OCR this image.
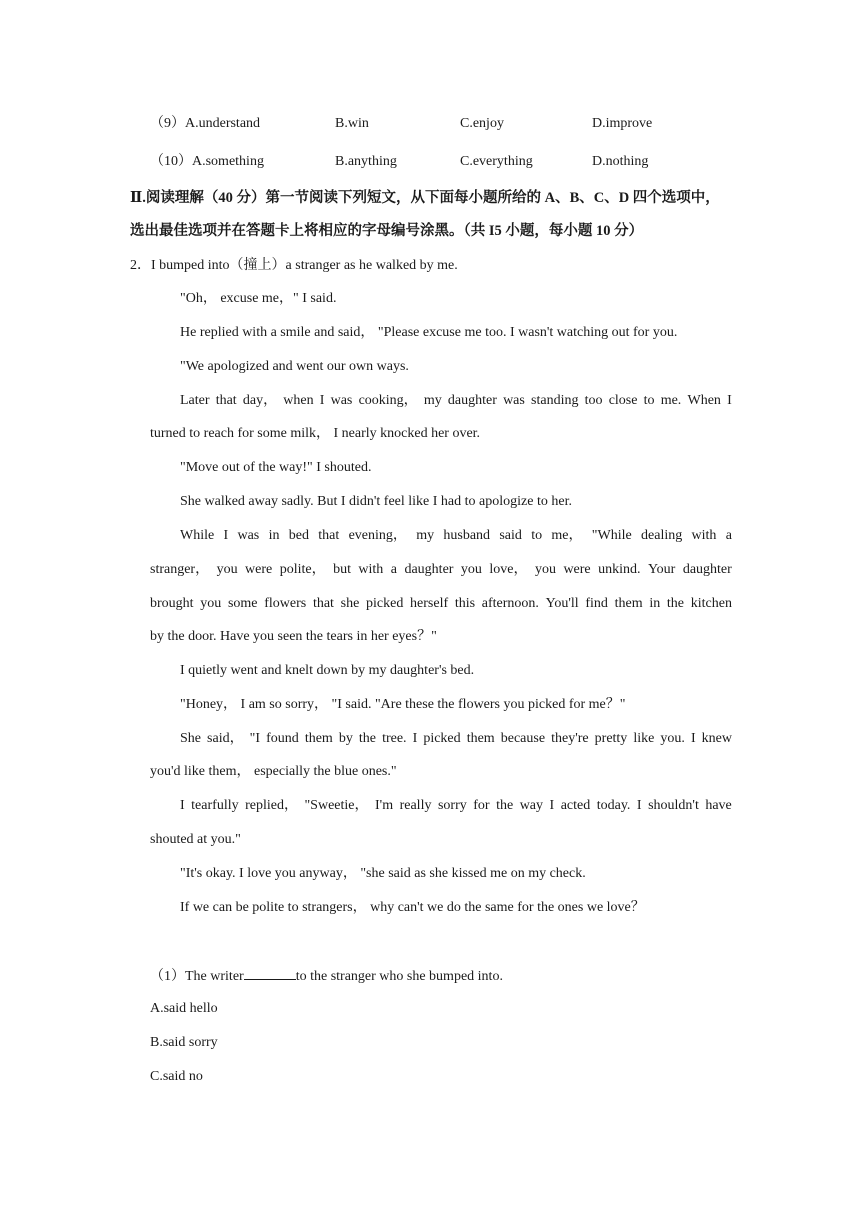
（9）A.understand	B.win	C.enjoy	D.improve
（10）A.something	B.anything	C.everything	D.nothing
Ⅱ.阅读理解（40 分）第一节阅读下列短文，从下面每小题所给的 A、B、C、D 四个选项中，
选出最佳选项并在答题卡上将相应的字母编号涂黑。（共 I5 小题，每小题 10 分）
2．I bumped into（撞上）a stranger as he walked by me.
"Oh， excuse me，" I said.
He replied with a smile and said， "Please excuse me too. I wasn't watching out for you.
"We apologized and went our own ways.
Later that day， when I was cooking， my daughter was standing too close to me. When I
turned to reach for some milk， I nearly knocked her over.
"Move out of the way!" I shouted.
She walked away sadly. But I didn't feel like I had to apologize to her.
While I was in bed that evening， my husband said to me， "While dealing with a
stranger， you were polite， but with a daughter you love， you were unkind. Your daughter
brought you some flowers that she picked herself this afternoon. You'll find them in the kitchen
by the door. Have you seen the tears in her eyes？"
I quietly went and knelt down by my daughter's bed.
"Honey， I am so sorry， "I said. "Are these the flowers you picked for me？"
She said， "I found them by the tree. I picked them because they're pretty like you. I knew
you'd like them， especially the blue ones."
I tearfully replied， "Sweetie， I'm really sorry for the way I acted today. I shouldn't have
shouted at you."
"It's okay. I love you anyway， "she said as she kissed me on my check.
If we can be polite to strangers， why can't we do the same for the ones we love？
（1）The writer	to the stranger who she bumped into.
A.said hello
B.said sorry
C.said no
